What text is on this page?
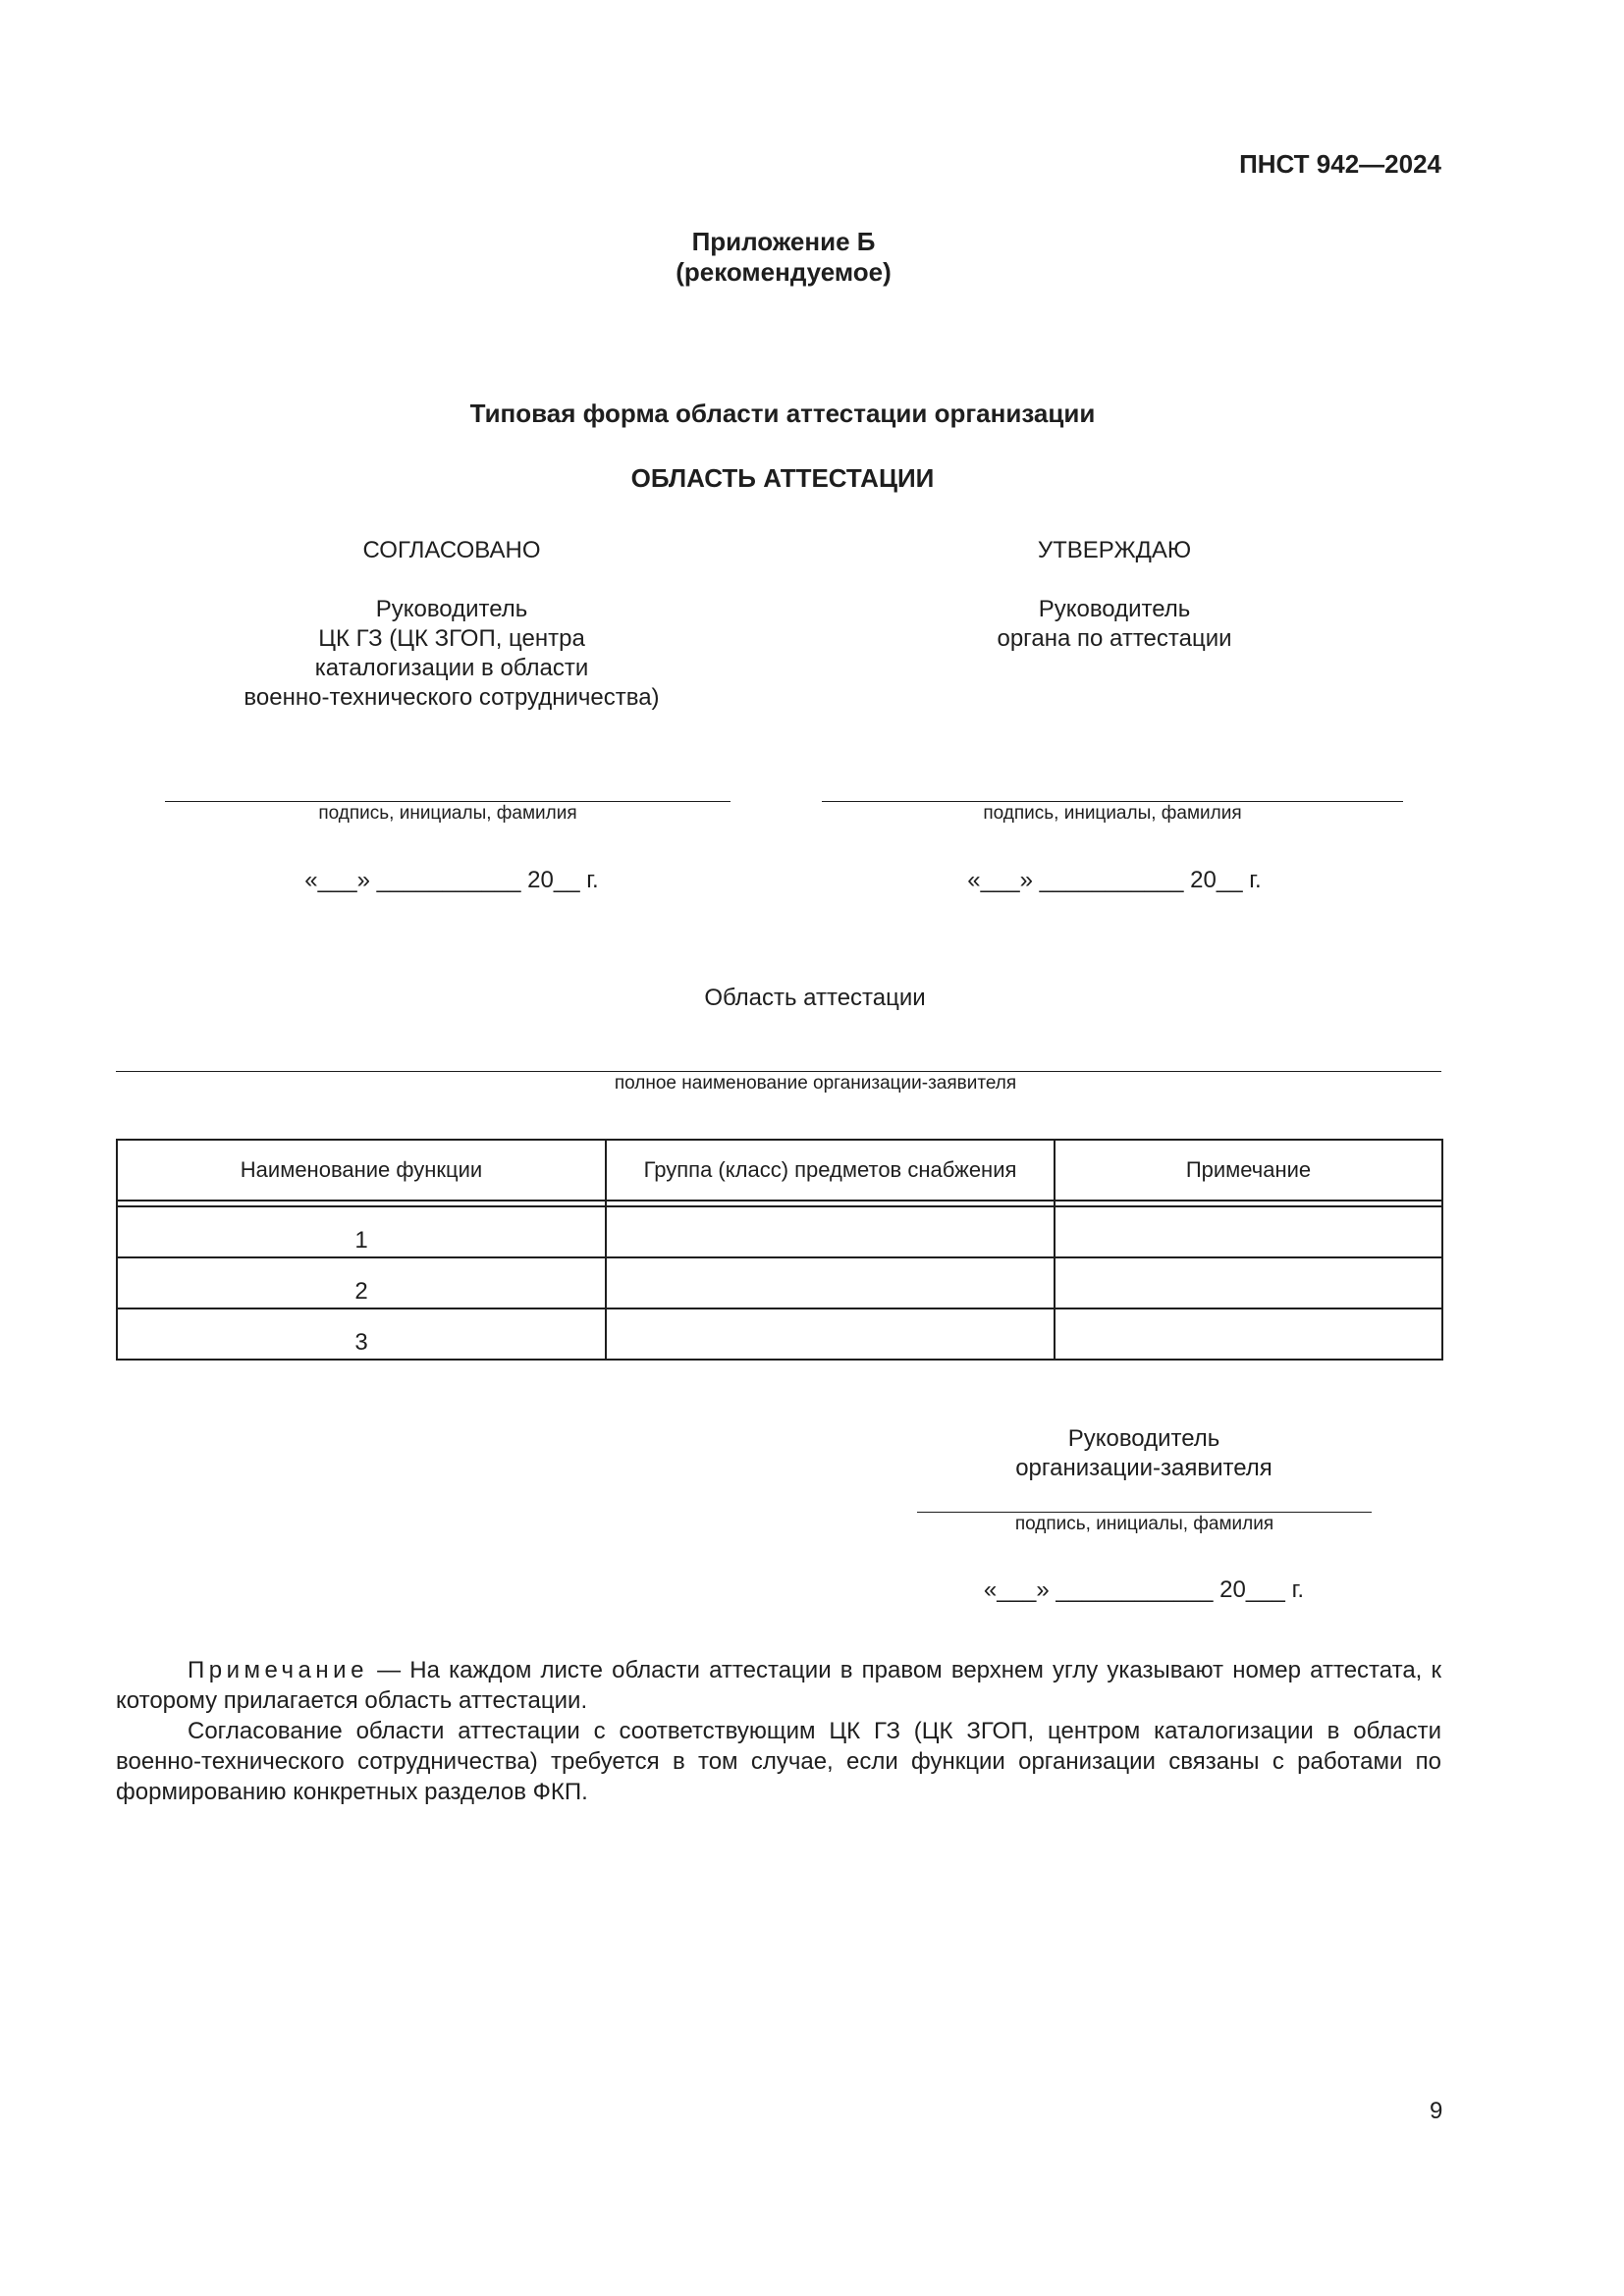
ПНСТ 942—2024
Приложение Б
(рекомендуемое)
Типовая форма области аттестации организации
ОБЛАСТЬ АТТЕСТАЦИИ
СОГЛАСОВАНО
Руководитель
ЦК ГЗ (ЦК ЗГОП, центра
каталогизации в области
военно-технического сотрудничества)
подпись, инициалы, фамилия
«___» ___________ 20__ г.
УТВЕРЖДАЮ
Руководитель
органа по аттестации
подпись, инициалы, фамилия
«___» ___________ 20__ г.
Область аттестации
полное наименование организации-заявителя
Наименование функции	Группа (класс) предметов снабжения	Примечание

1		
2		
3		
Руководитель
организации-заявителя
подпись, инициалы, фамилия
«___» ____________ 20___ г.

Примечание — На каждом листе области аттестации в правом верхнем углу указывают номер аттестата, к которому прилагается область аттестации.

Согласование области аттестации с соответствующим ЦК ГЗ (ЦК ЗГОП, центром каталогизации в области военно-технического сотрудничества) требуется в том случае, если функции организации связаны с работами по формированию конкретных разделов ФКП.

9
